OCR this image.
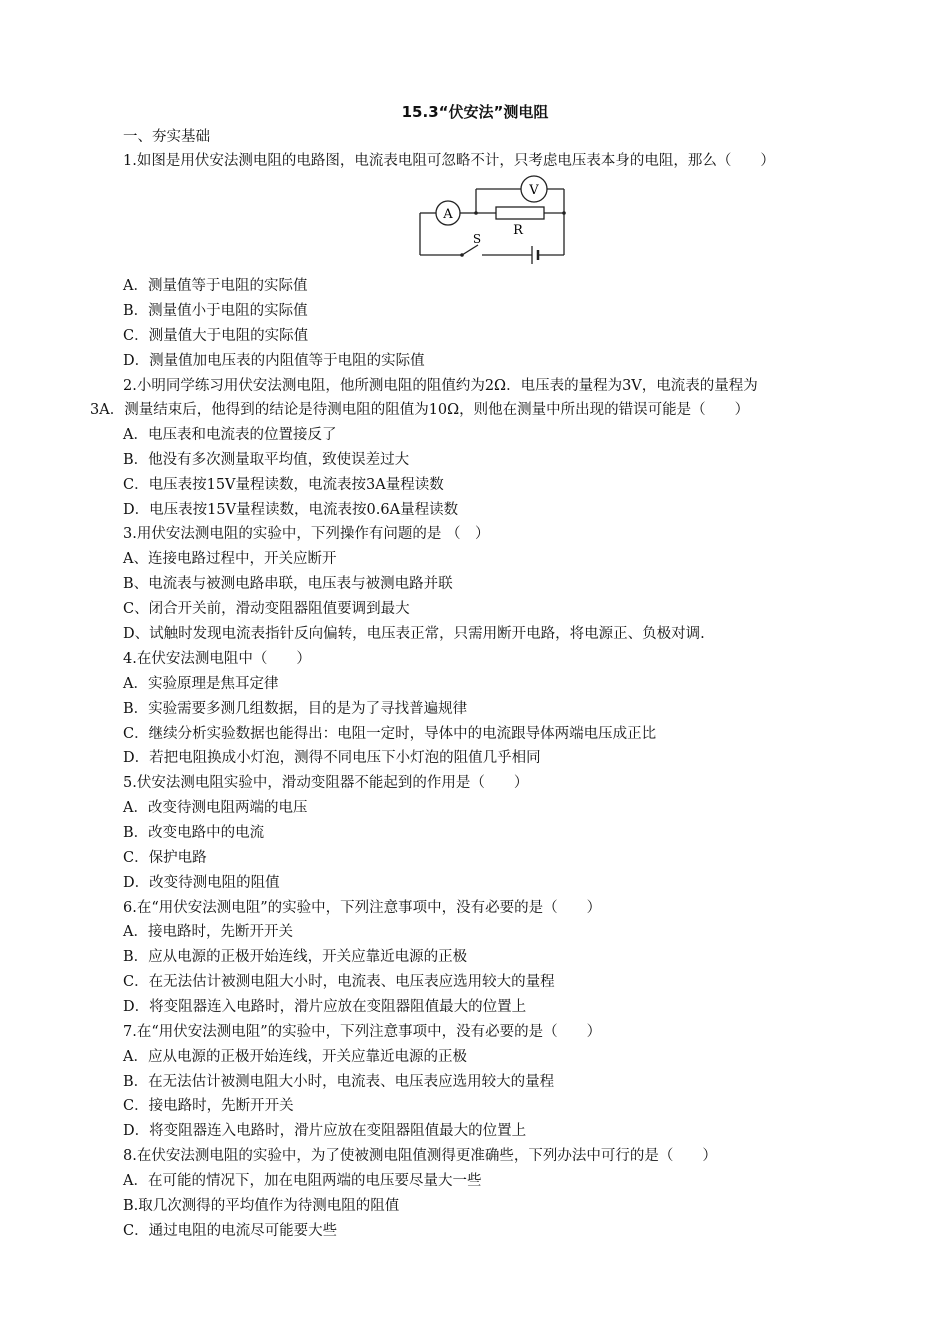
15.3“伏安法”测电阻
一、夯实基础
1.如图是用伏安法测电阻的电路图，电流表电阻可忽略不计，只考虑电压表本身的电阻，那么（　　）
A
V
R
S
A．测量值等于电阻的实际值
B．测量值小于电阻的实际值
C．测量值大于电阻的实际值
D．测量值加电压表的内阻值等于电阻的实际值
2.小明同学练习用伏安法测电阻，他所测电阻的阻值约为2Ω．电压表的量程为3V，电流表的量程为
3A．测量结束后，他得到的结论是待测电阻的阻值为10Ω，则他在测量中所出现的错误可能是（　　）
A．电压表和电流表的位置接反了
B．他没有多次测量取平均值，致使误差过大
C．电压表按15V量程读数，电流表按3A量程读数
D．电压表按15V量程读数，电流表按0.6A量程读数
3.用伏安法测电阻的实验中，下列操作有问题的是 （　）
A、连接电路过程中，开关应断开
B、电流表与被测电路串联，电压表与被测电路并联
C、闭合开关前，滑动变阻器阻值要调到最大
D、试触时发现电流表指针反向偏转，电压表正常，只需用断开电路，将电源正、负极对调.
4.在伏安法测电阻中（　　）
A．实验原理是焦耳定律
B．实验需要多测几组数据，目的是为了寻找普遍规律
C．继续分析实验数据也能得出：电阻一定时，导体中的电流跟导体两端电压成正比
D．若把电阻换成小灯泡，测得不同电压下小灯泡的阻值几乎相同
5.伏安法测电阻实验中，滑动变阻器不能起到的作用是（　　）
A．改变待测电阻两端的电压
B．改变电路中的电流
C．保护电路
D．改变待测电阻的阻值
6.在“用伏安法测电阻”的实验中，下列注意事项中，没有必要的是（　　）
A．接电路时，先断开开关
B．应从电源的正极开始连线，开关应靠近电源的正极
C．在无法估计被测电阻大小时，电流表、电压表应选用较大的量程
D．将变阻器连入电路时，滑片应放在变阻器阻值最大的位置上
7.在“用伏安法测电阻”的实验中，下列注意事项中，没有必要的是（　　）
A．应从电源的正极开始连线，开关应靠近电源的正极
B．在无法估计被测电阻大小时，电流表、电压表应选用较大的量程
C．接电路时，先断开开关
D．将变阻器连入电路时，滑片应放在变阻器阻值最大的位置上
8.在伏安法测电阻的实验中，为了使被测电阻值测得更准确些，下列办法中可行的是（　　）
A．在可能的情况下，加在电阻两端的电压要尽量大一些
B.取几次测得的平均值作为待测电阻的阻值
C．通过电阻的电流尽可能要大些
